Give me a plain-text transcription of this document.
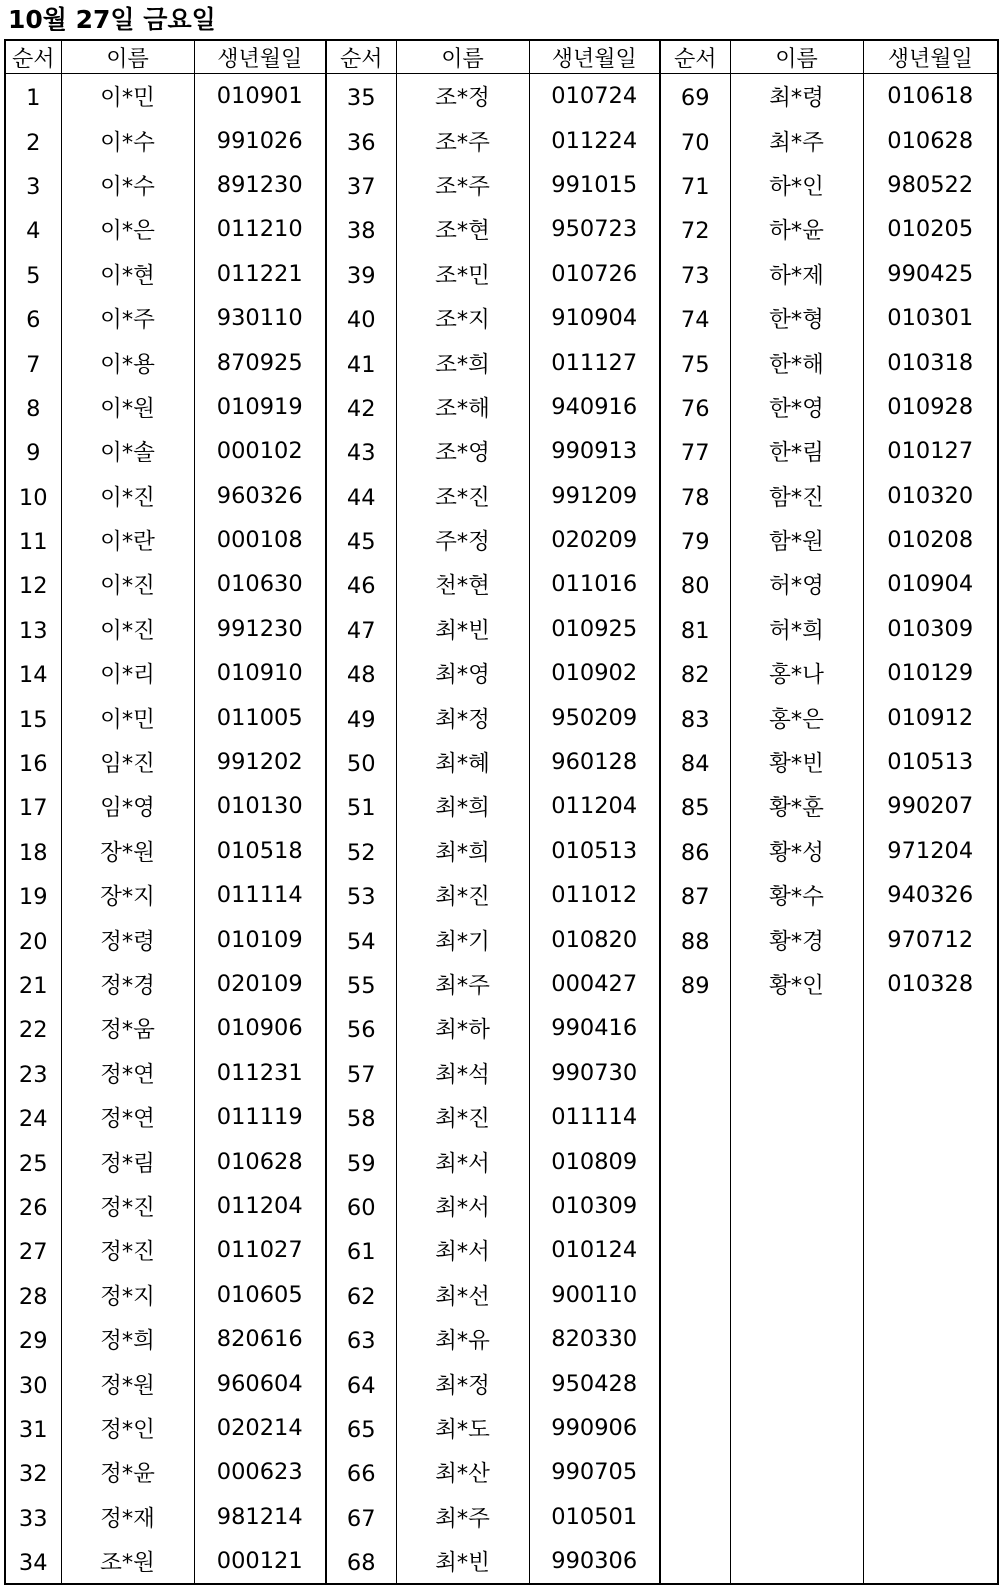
10월 27일 금요일
순서	이름	생년월일	순서	이름	생년월일	순서	이름	생년월일
1	이*민	010901	35	조*정	010724	69	최*령	010618
2	이*수	991026	36	조*주	011224	70	최*주	010628
3	이*수	891230	37	조*주	991015	71	하*인	980522
4	이*은	011210	38	조*현	950723	72	하*윤	010205
5	이*현	011221	39	조*민	010726	73	하*제	990425
6	이*주	930110	40	조*지	910904	74	한*형	010301
7	이*용	870925	41	조*희	011127	75	한*해	010318
8	이*원	010919	42	조*해	940916	76	한*영	010928
9	이*솔	000102	43	조*영	990913	77	한*림	010127
10	이*진	960326	44	조*진	991209	78	함*진	010320
11	이*란	000108	45	주*정	020209	79	함*원	010208
12	이*진	010630	46	천*현	011016	80	허*영	010904
13	이*진	991230	47	최*빈	010925	81	허*희	010309
14	이*리	010910	48	최*영	010902	82	홍*나	010129
15	이*민	011005	49	최*정	950209	83	홍*은	010912
16	임*진	991202	50	최*혜	960128	84	황*빈	010513
17	임*영	010130	51	최*희	011204	85	황*훈	990207
18	장*원	010518	52	최*희	010513	86	황*성	971204
19	장*지	011114	53	최*진	011012	87	황*수	940326
20	정*령	010109	54	최*기	010820	88	황*경	970712
21	정*경	020109	55	최*주	000427	89	황*인	010328
22	정*움	010906	56	최*하	990416			
23	정*연	011231	57	최*석	990730			
24	정*연	011119	58	최*진	011114			
25	정*림	010628	59	최*서	010809			
26	정*진	011204	60	최*서	010309			
27	정*진	011027	61	최*서	010124			
28	정*지	010605	62	최*선	900110			
29	정*희	820616	63	최*유	820330			
30	정*원	960604	64	최*정	950428			
31	정*인	020214	65	최*도	990906			
32	정*윤	000623	66	최*산	990705			
33	정*재	981214	67	최*주	010501			
34	조*원	000121	68	최*빈	990306			
